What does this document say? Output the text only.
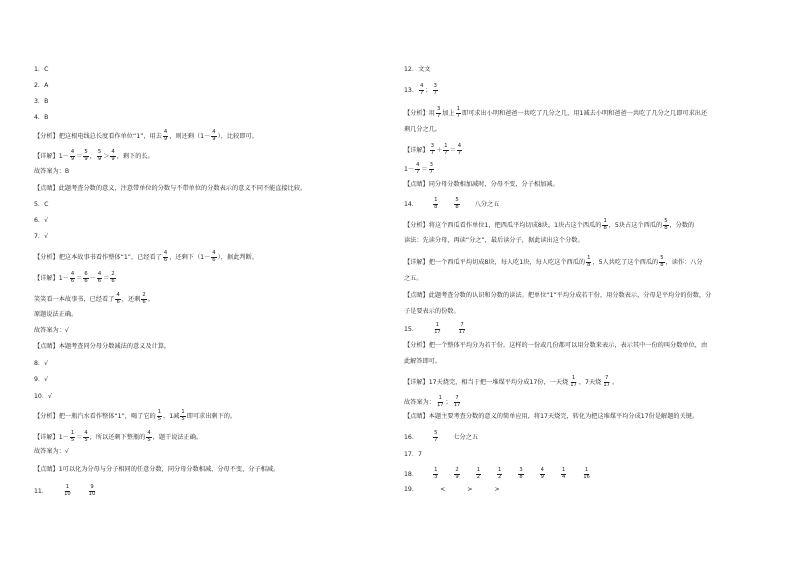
1．C
2．A
3．B
4．B
【分析】把这根电线总长度看作单位“1”，用去 $\frac{4}{9}$ ，则还剩（$1- \frac{4}{9}$ ），比较即可。
【详解】$1- \frac{4}{9} = \frac{5}{9}$ ， $\frac{5}{9} > \frac{4}{9}$ ，剩下的长。
故答案为：B
【点睛】此题考查分数的意义，注意带单位的分数与不带单位的分数表示的意义不同不能直接比较。
5．C
6．√
7．√
【分析】把这本故事书看作整体“1”，已经看了 $\frac{4}{6}$ ，还剩下（$1- \frac{4}{6}$ ），据此判断。
【详解】$1- \frac{4}{6} = \frac{6}{6} - \frac{4}{6} = \frac{2}{6}$
笑笑看一本故事书，已经看了 $\frac{4}{6}$ ，还剩 $\frac{2}{6}$ 。
原题说法正确。
故答案为：√
【点睛】本题考查同分母分数减法的意义及计算。
8．√
9．√
10．√
【分析】把一瓶汽水看作整体“1”，喝了它的 $\frac{1}{5}$ ，1减 $\frac{1}{5}$ 即可求出剩下的。
【详解】$1- \frac{1}{5} = \frac{4}{5}$ ，所以还剩下整瓶的 $\frac{4}{5}$ ，题干说法正确。
故答案为：√
【点睛】1可以化为分母与分子相同的任意分数，同分母分数相减，分母不变，分子相减。
11．	$\frac{1}{10}$	$\frac{9}{10}$
12．文文
13． $\frac{4}{7}$ ； $\frac{3}{7}$
【分析】用 $\frac{3}{7}$ 加上 $\frac{1}{7}$ 即可求出小明和爸爸一共吃了几分之几，用1减去小明和爸爸一共吃了几分之几即可求出还
剩几分之几。
【详解】 $\frac{3}{7} + \frac{1}{7} = \frac{4}{7}$
$1- \frac{4}{7} = \frac{3}{7}$
【点睛】同分母分数相加减时，分母不变，分子相加减。
14．	$\frac{1}{8}$	$\frac{5}{8}$ 八分之五
【分析】将这个西瓜看作单位1，把西瓜平均切成8块，1块占这个西瓜的 $\frac{1}{8}$ ，5块占这个西瓜的 $\frac{5}{8}$ ，分数的
读法：先读分母，再读“分之”，最后读分子，据此读出这个分数。
【详解】把一个西瓜平均切成8块，每人吃1块，每人吃这个西瓜的 $\frac{1}{8}$ ，5人共吃了这个西瓜的 $\frac{5}{8}$ ，读作：八分
之五。
【点睛】此题考查分数的认识和分数的读法。把单位“1”平均分成若干份，用分数表示，分母是平均分的份数，分
子是要表示的份数。
15．	$\frac{1}{17}$	$\frac{7}{17}$
【分析】把一个整体平均分为若干份，这样的一份或几份都可以用分数来表示，表示其中一份的叫分数单位，由
此解答即可。
【详解】17天烧完，相当于把一堆煤平均分成17份，一天烧 $\frac{1}{17}$ ，7天烧 $\frac{7}{17}$ 。
故答案为： $\frac{1}{17}$ ； $\frac{7}{17}$
【点睛】本题主要考查分数的意义的简单应用，将17天烧完，转化为把这堆煤平均分成17份是解题的关键。
16．	$\frac{5}{7}$ 七分之五
17．7
18．	$\frac{1}{3}$	$\frac{2}{9}$	$\frac{1}{2}$	$\frac{1}{2}$	$\frac{3}{8}$	$\frac{4}{9}$	$\frac{1}{4}$	$\frac{1}{16}$
19．	<	>	>
